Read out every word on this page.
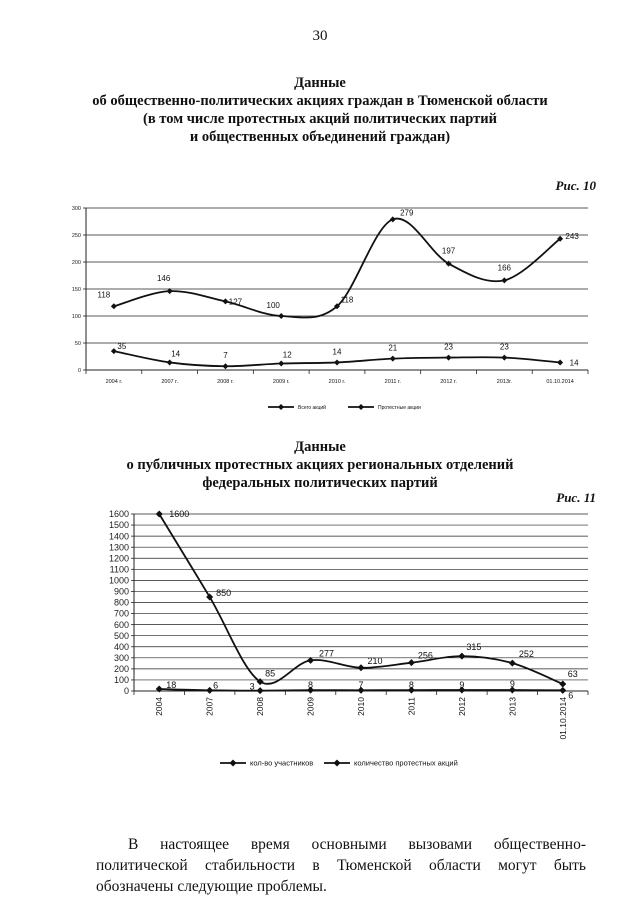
30
Данные
об общественно-политических акциях граждан в Тюменской области
(в том числе протестных акций политических партий
и общественных объединений граждан)
Рис. 10
0
50
100
150
200
250
300
2004 г.	2007 г.	2008 г.	2009 г.	2010 г.	2011 г.	2012 г.	2013г.	01.10.2014
118
146
127	100
118
279
197
166
243
35
14	7	12	14	21	23	23
14
Всего акций	Протестные акции
Данные
о публичных протестных акциях региональных отделений
федеральных политических партий
Рис. 11
0
100
200
300
400
500
600
700
800
900
1000
1100
1200
1300
1400
1500
1600
2004	2007	2008	2009	2010	2011	2012	2013	01.10.2014
1600
850
85
277
210
256
315
252
63
18	6	3	8	7	8	9	9
6
кол-во участников	количество протестных акций

В настоящее время основными вызовами общественно-политической стабильности в Тюменской области могут быть обозначены следующие проблемы.
